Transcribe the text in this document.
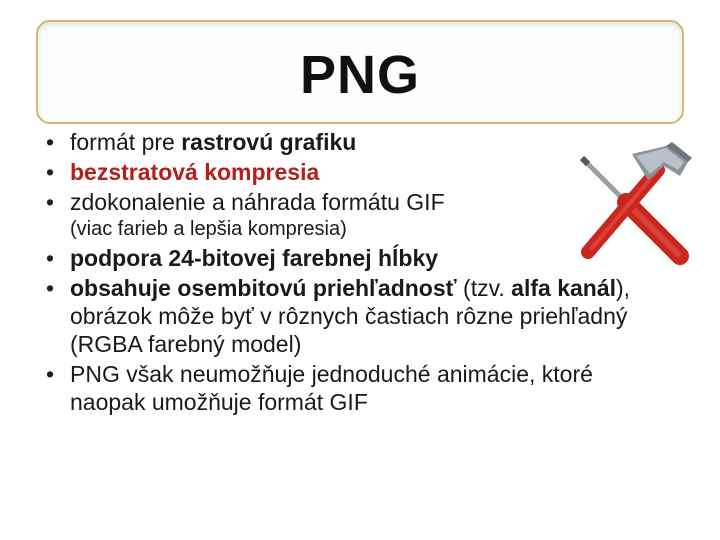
PNG
• formát pre rastrovú grafiku
• bezstratová kompresia
• zdokonalenie a náhrada formátu GIF
(viac farieb a lepšia kompresia)
• podpora 24-bitovej farebnej hĺbky
• obsahuje osembitovú priehľadnosť (tzv. alfa kanál), obrázok môže byť v rôznych častiach rôzne priehľadný (RGBA farebný model)
• PNG však neumožňuje jednoduché animácie, ktoré naopak umožňuje formát GIF
